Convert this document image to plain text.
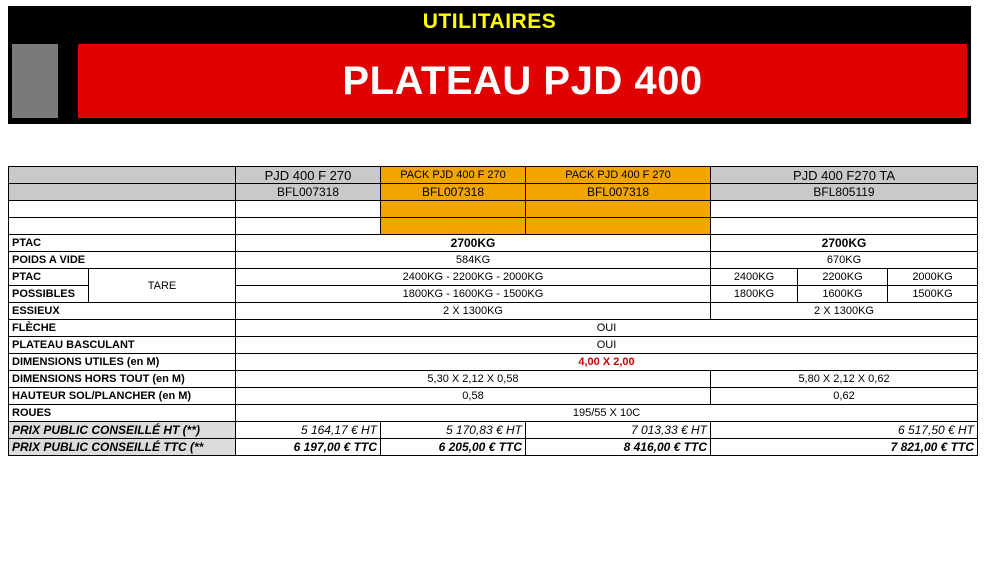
UTILITAIRES
PLATEAU PJD 400
		PJD 400 F 270	PACK PJD 400 F 270	PACK PJD 400 F 270	PJD 400 F270 TA		
		BFL007318	BFL007318	BFL007318	BFL805119		

PTAC		2700KG			2700KG		
POIDS A VIDE		584KG			670KG		
PTAC	TARE	2400KG - 2200KG - 2000KG			2400KG	2200KG	2000KG
POSSIBLES		1800KG - 1600KG - 1500KG			1800KG	1600KG	1500KG
ESSIEUX		2 X 1300KG			2 X 1300KG		
FLÈCHE		OUI					
PLATEAU BASCULANT		OUI					
DIMENSIONS UTILES (en M)		4,00 X 2,00					
DIMENSIONS HORS TOUT (en M)		5,30 X 2,12 X 0,58			5,80 X 2,12 X 0,62		
HAUTEUR SOL/PLANCHER (en M)		0,58			0,62		
ROUES		195/55 X 10C					
PRIX PUBLIC CONSEILLÉ HT (**)		5 164,17 € HT	5 170,83 € HT	7 013,33 € HT	6 517,50 € HT		
PRIX PUBLIC CONSEILLÉ TTC (**		6 197,00 € TTC	6 205,00 € TTC	8 416,00 € TTC	7 821,00 € TTC		
